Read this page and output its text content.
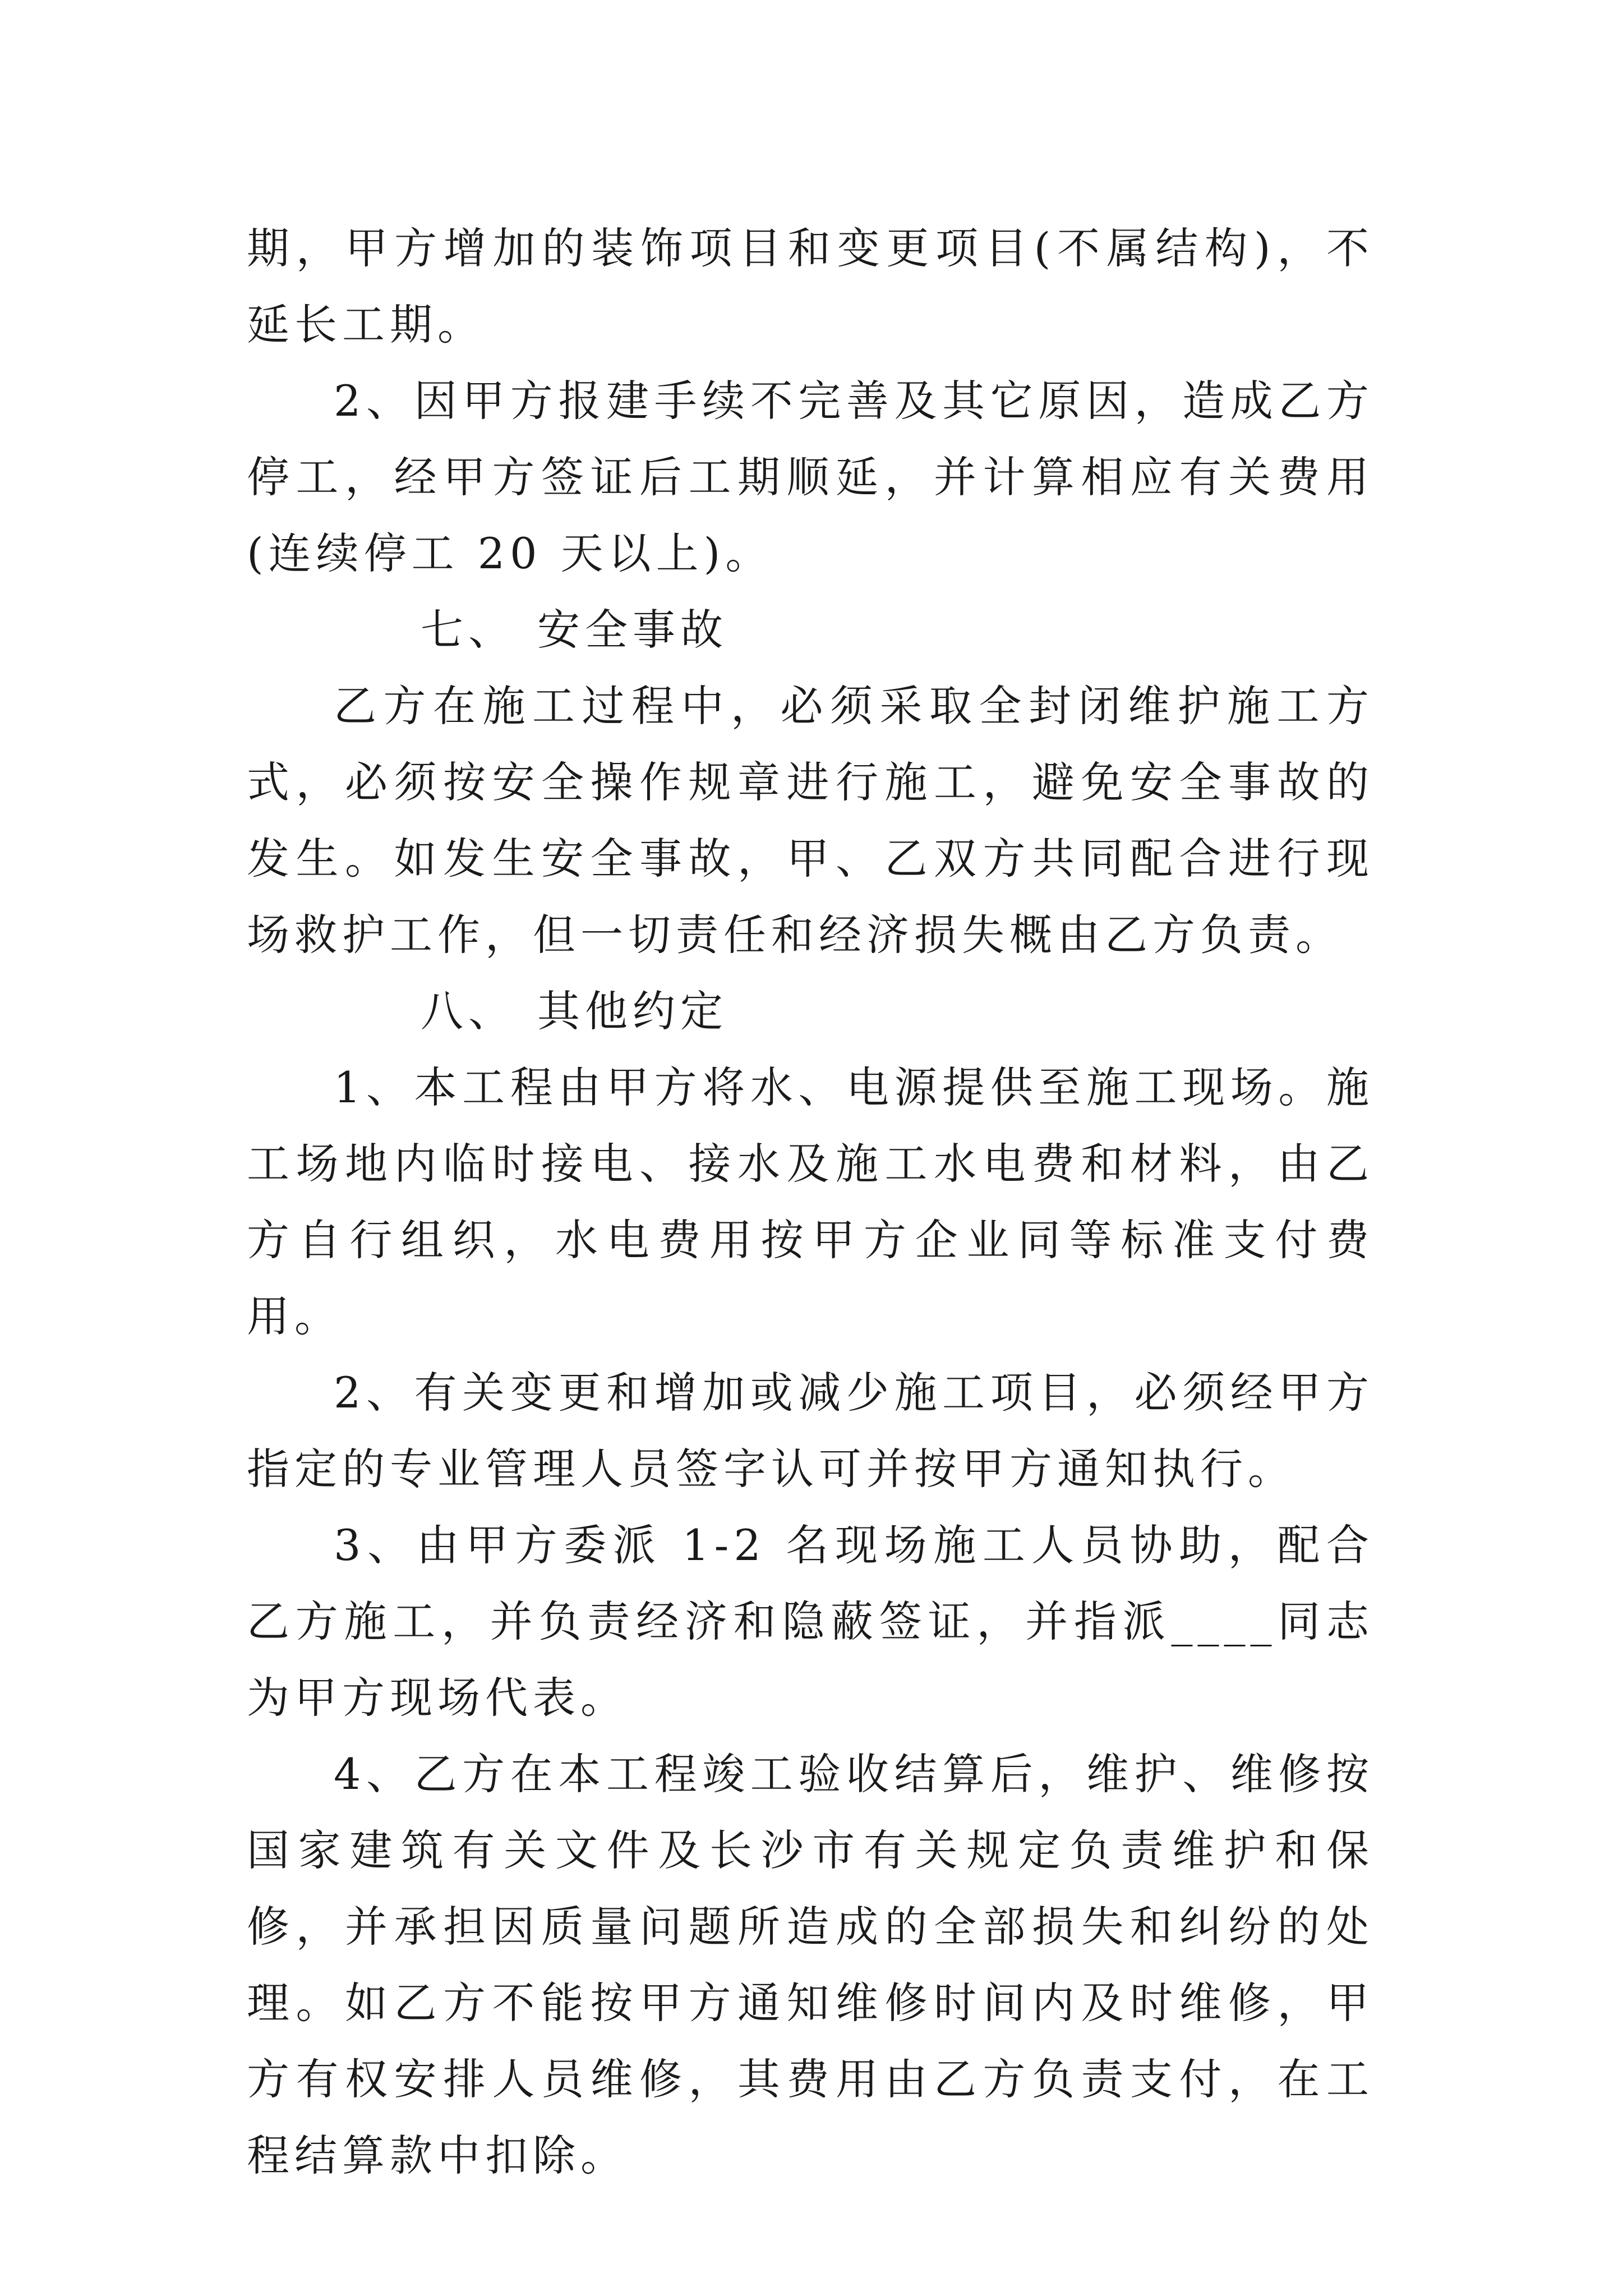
期，甲方增加的装饰项目和变更项目(不属结构)，不延长工期。

2、因甲方报建手续不完善及其它原因，造成乙方停工，经甲方签证后工期顺延，并计算相应有关费用(连续停工 20 天以上)。

七、 安全事故

乙方在施工过程中，必须采取全封闭维护施工方式，必须按安全操作规章进行施工，避免安全事故的发生。如发生安全事故，甲、乙双方共同配合进行现场救护工作，但一切责任和经济损失概由乙方负责。

八、 其他约定

1、本工程由甲方将水、电源提供至施工现场。施工场地内临时接电、接水及施工水电费和材料，由乙方自行组织，水电费用按甲方企业同等标准支付费用。

2、有关变更和增加或减少施工项目，必须经甲方指定的专业管理人员签字认可并按甲方通知执行。

3、由甲方委派 1-2 名现场施工人员协助，配合乙方施工，并负责经济和隐蔽签证，并指派____同志为甲方现场代表。

4、乙方在本工程竣工验收结算后，维护、维修按国家建筑有关文件及长沙市有关规定负责维护和保修，并承担因质量问题所造成的全部损失和纠纷的处理。如乙方不能按甲方通知维修时间内及时维修，甲方有权安排人员维修，其费用由乙方负责支付，在工程结算款中扣除。
